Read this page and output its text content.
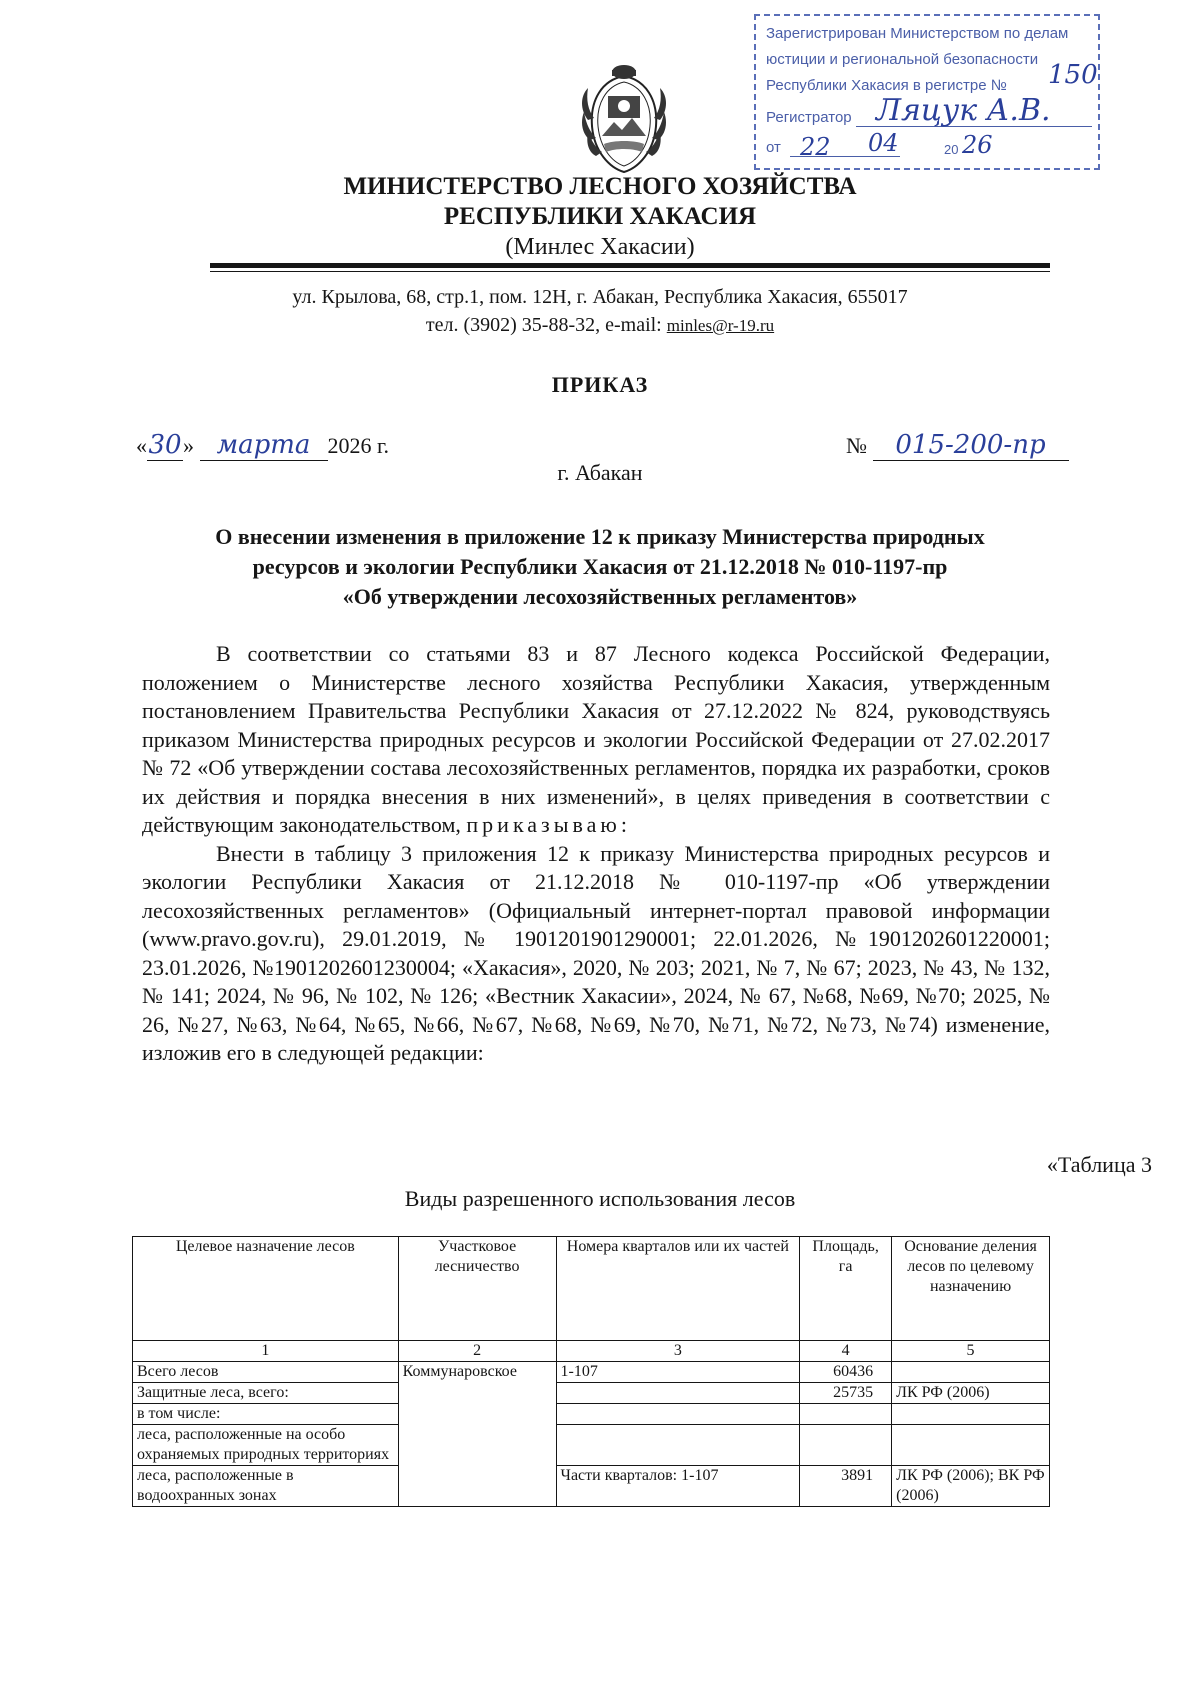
Зарегистрирован Министерством по делам
юстиции и региональной безопасности
Республики Хакасия в регистре № 150
Регистратор Ляцук А.В.
от 22 04	20 26
МИНИСТЕРСТВО ЛЕСНОГО ХОЗЯЙСТВА
РЕСПУБЛИКИ ХАКАСИЯ
(Минлес Хакасии)
ул. Крылова, 68, стр.1, пом. 12Н, г. Абакан, Республика Хакасия, 655017
тел. (3902) 35-88-32, e-mail: minles@r-19.ru
ПРИКАЗ
«30» марта 2026 г.	№ 015-200-пр
г. Абакан
О внесении изменения в приложение 12 к приказу Министерства природных
ресурсов и экологии Республики Хакасия от 21.12.2018 № 010-1197-пр
«Об утверждении лесохозяйственных регламентов»

В соответствии со статьями 83 и 87 Лесного кодекса Российской Федерации, положением о Министерстве лесного хозяйства Республики Хакасия, утвержденным постановлением Правительства Республики Хакасия от 27.12.2022 № 824, руководствуясь приказом Министерства природных ресурсов и экологии Российской Федерации от 27.02.2017 № 72 «Об утверждении состава лесохозяйственных регламентов, порядка их разработки, сроков их действия и порядка внесения в них изменений», в целях приведения в соответствии с действующим законодательством, приказываю:

Внести в таблицу 3 приложения 12 к приказу Министерства природных ресурсов и экологии Республики Хакасия от 21.12.2018 № 010-1197-пр «Об утверждении лесохозяйственных регламентов» (Официальный интернет-портал правовой информации (www.pravo.gov.ru), 29.01.2019, № 1901201901290001; 22.01.2026, №1901202601220001; 23.01.2026, №1901202601230004; «Хакасия», 2020, № 203; 2021, № 7, № 67; 2023, № 43, № 132, № 141; 2024, № 96, № 102, № 126; «Вестник Хакасии», 2024, № 67, №68, №69, №70; 2025, № 26, №27, №63, №64, №65, №66, №67, №68, №69, №70, №71, №72, №73, №74) изменение, изложив его в следующей редакции:

«Таблица 3
Виды разрешенного использования лесов
Целевое назначение лесов	Участковое лесничество	Номера кварталов или их частей	Площадь, га	Основание деления лесов по целевому назначению
1	2	3	4	5
Всего лесов	Коммунаровское	1-107	60436	
Защитные леса, всего:			25735	ЛК РФ (2006)
в том числе:				
леса, расположенные на особо охраняемых природных территориях				
леса, расположенные в водоохранных зонах		Части кварталов: 1-107	3891	ЛК РФ (2006); ВК РФ (2006)
